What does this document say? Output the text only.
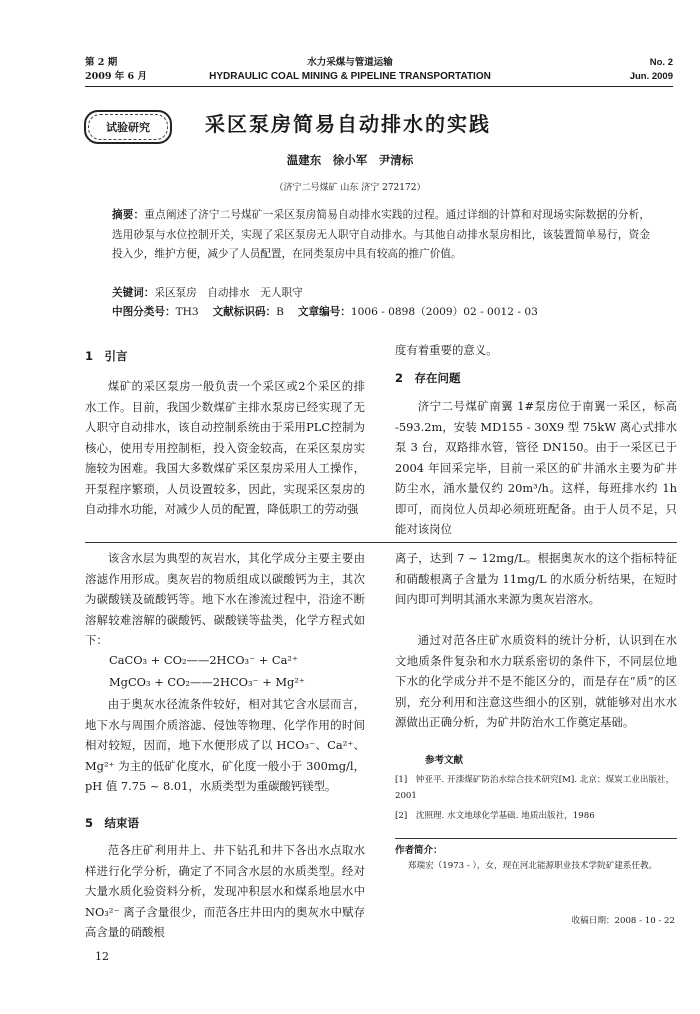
第 2 期
2009 年 6 月
水力采煤与管道运输
HYDRAULIC COAL MINING & PIPELINE TRANSPORTATION
No. 2
Jun. 2009
试验研究	采区泵房简易自动排水的实践
温建东　徐小军　尹清标
（济宁二号煤矿 山东 济宁 272172）
摘要：重点阐述了济宁二号煤矿一采区泵房简易自动排水实践的过程。通过详细的计算和对现场实际数据的分析，选用砂泵与水位控制开关，实现了采区泵房无人职守自动排水。与其他自动排水泵房相比，该装置简单易行，资金投入少，维护方便，减少了人员配置，在同类泵房中具有较高的推广价值。
关键词：采区泵房　自动排水　无人职守
中图分类号：TH3　 文献标识码：B　 文章编号：1006 - 0898（2009）02 - 0012 - 03
1　引言
煤矿的采区泵房一般负责一个采区或2个采区的排水工作。目前，我国少数煤矿主排水泵房已经实现了无人职守自动排水，该自动控制系统由于采用PLC控制为核心，使用专用控制柜，投入资金较高，在采区泵房实施较为困难。我国大多数煤矿采区泵房采用人工操作，开泵程序繁琐，人员设置较多，因此，实现采区泵房的自动排水功能，对减少人员的配置，降低职工的劳动强
度有着重要的意义。
2　存在问题
济宁二号煤矿南翼 1#泵房位于南翼一采区，标高 -593.2m，安装 MD155 - 30X9 型 75kW 离心式排水泵 3 台，双路排水管，管径 DN150。由于一采区已于 2004 年回采完毕，目前一采区的矿井涌水主要为矿井防尘水，涌水量仅约 20m³/h。这样，每班排水约 1h 即可，而岗位人员却必须班班配备。由于人员不足，只能对该岗位
该含水层为典型的灰岩水，其化学成分主要主要由溶滤作用形成。奥灰岩的物质组成以碳酸钙为主，其次为碳酸镁及硫酸钙等。地下水在渗流过程中，沿途不断溶解较难溶解的碳酸钙、碳酸镁等盐类，化学方程式如下：
CaCO₃ + CO₂——2HCO₃⁻ + Ca²⁺
MgCO₃ + CO₂——2HCO₃⁻ + Mg²⁺
由于奥灰水径流条件较好，相对其它含水层而言，地下水与周围介质溶滤、侵蚀等物理、化学作用的时间相对较短，因而，地下水便形成了以 HCO₃⁻、Ca²⁺、Mg²⁺ 为主的低矿化度水，矿化度一般小于 300mg/l，pH 值 7.75 ~ 8.01，水质类型为重碳酸钙镁型。
5　结束语
范各庄矿利用井上、井下钻孔和井下各出水点取水样进行化学分析，确定了不同含水层的水质类型。经对大量水质化验资料分析，发现冲积层水和煤系地层水中 NO₃²⁻ 离子含量很少，而范各庄井田内的奥灰水中赋存高含量的硝酸根
离子，达到 7 ~ 12mg/L。根据奥灰水的这个指标特征和硝酸根离子含量为 11mg/L 的水质分析结果，在短时间内即可判明其涌水来源为奥灰岩溶水。
通过对范各庄矿水质资料的统计分析，认识到在水文地质条件复杂和水力联系密切的条件下，不同层位地下水的化学成分并不是不能区分的，而是存在“质”的区别，充分利用和注意这些细小的区别，就能够对出水水源做出正确分析，为矿井防治水工作奠定基础。
参考文献
[1]　钟亚平. 开滦煤矿防治水综合技术研究[M]. 北京：煤炭工业出版社，2001
[2]　沈照理. 水文地球化学基础. 地质出版社，1986
作者简介：
郑瑞宏（1973 - ），女，现在河北能源职业技术学院矿建系任教。
收稿日期：2008 - 10 - 22
12
